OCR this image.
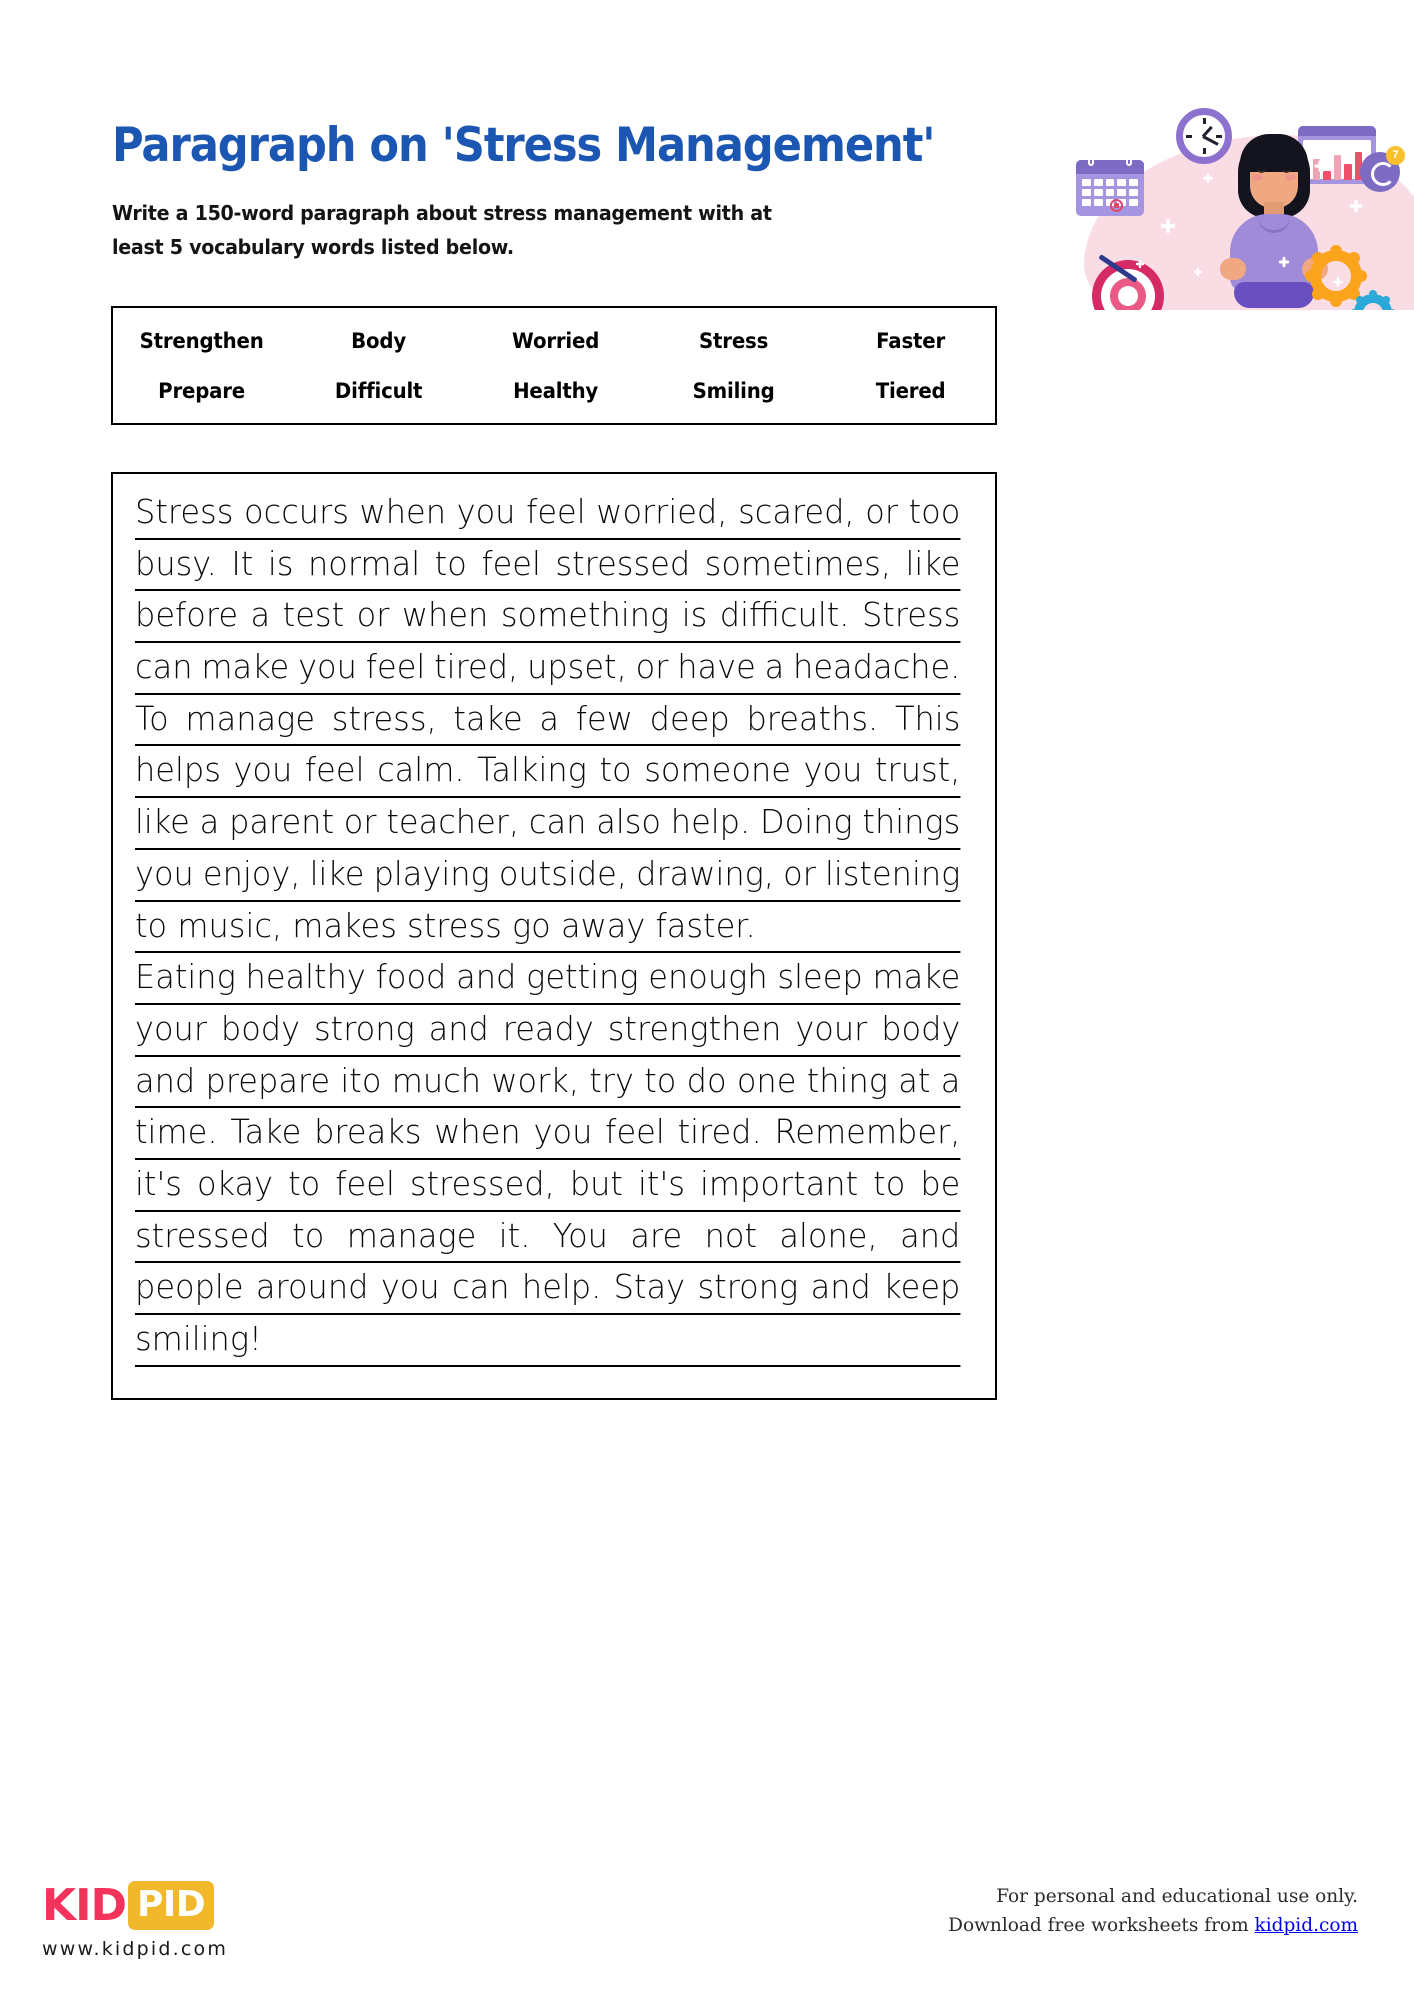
7
Paragraph on 'Stress Management'
Write a 150-word paragraph about stress management with at least 5 vocabulary words listed below.
Strengthen	Body	Worried	Stress	Faster
Prepare	Difficult	Healthy	Smiling	Tiered
Stress occurs when you feel worried, scared, or too
busy. It is normal to feel stressed sometimes, like
before a test or when something is difficult. Stress
can make you feel tired, upset, or have a headache.
To manage stress, take a few deep breaths. This
helps you feel calm. Talking to someone you trust,
like a parent or teacher, can also help. Doing things
you enjoy, like playing outside, drawing, or listening
to music, makes stress go away faster.
Eating healthy food and getting enough sleep make
your body strong and ready strengthen your body
and prepare ito much work, try to do one thing at a
time. Take breaks when you feel tired. Remember,
it's okay to feel stressed, but it's important to be
stressed to manage it. You are not alone, and
people around you can help. Stay strong and keep
smiling!
KID PID
www.kidpid.com
For personal and educational use only.
Download free worksheets from kidpid.com
